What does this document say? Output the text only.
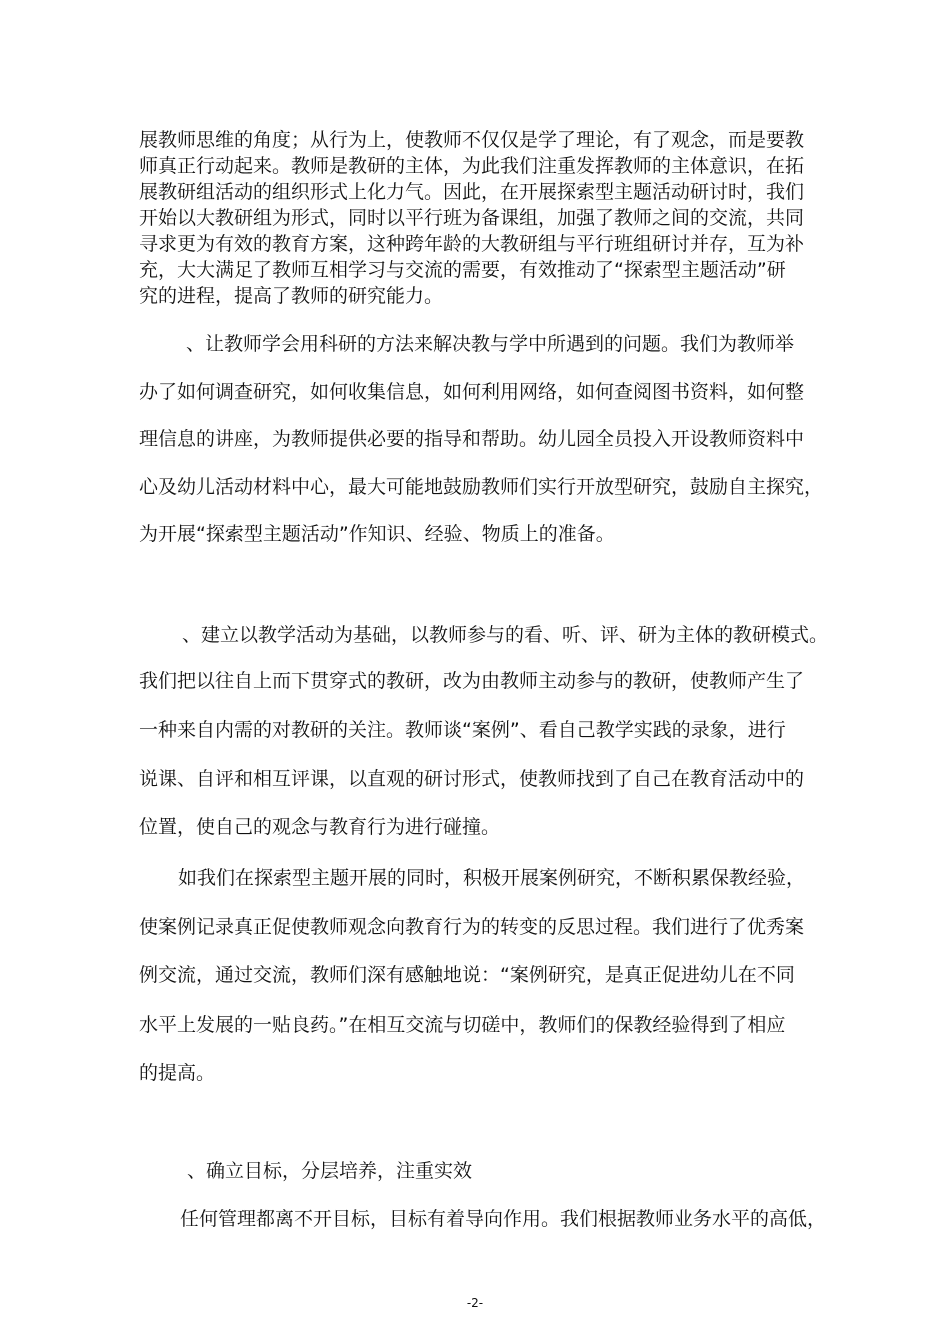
展教师思维的角度；从行为上，使教师不仅仅是学了理论，有了观念，而是要教
师真正行动起来。教师是教研的主体，为此我们注重发挥教师的主体意识，在拓
展教研组活动的组织形式上化力气。因此，在开展探索型主题活动研讨时，我们
开始以大教研组为形式，同时以平行班为备课组，加强了教师之间的交流，共同
寻求更为有效的教育方案，这种跨年龄的大教研组与平行班组研讨并存，互为补
充，大大满足了教师互相学习与交流的需要，有效推动了“探索型主题活动”研
究的进程，提高了教师的研究能力。
、让教师学会用科研的方法来解决教与学中所遇到的问题。我们为教师举
办了如何调查研究，如何收集信息，如何利用网络，如何查阅图书资料，如何整
理信息的讲座，为教师提供必要的指导和帮助。幼儿园全员投入开设教师资料中
心及幼儿活动材料中心，最大可能地鼓励教师们实行开放型研究，鼓励自主探究，
为开展“探索型主题活动”作知识、经验、物质上的准备。
、建立以教学活动为基础，以教师参与的看、听、评、研为主体的教研模式。
我们把以往自上而下贯穿式的教研，改为由教师主动参与的教研，使教师产生了
一种来自内需的对教研的关注。教师谈“案例”、看自己教学实践的录象，进行
说课、自评和相互评课，以直观的研讨形式，使教师找到了自己在教育活动中的
位置，使自己的观念与教育行为进行碰撞。
如我们在探索型主题开展的同时，积极开展案例研究，不断积累保教经验，
使案例记录真正促使教师观念向教育行为的转变的反思过程。我们进行了优秀案
例交流，通过交流，教师们深有感触地说：“案例研究，是真正促进幼儿在不同
水平上发展的一贴良药。”在相互交流与切磋中，教师们的保教经验得到了相应
的提高。
、确立目标，分层培养，注重实效
任何管理都离不开目标，目标有着导向作用。我们根据教师业务水平的高低，
-2-
